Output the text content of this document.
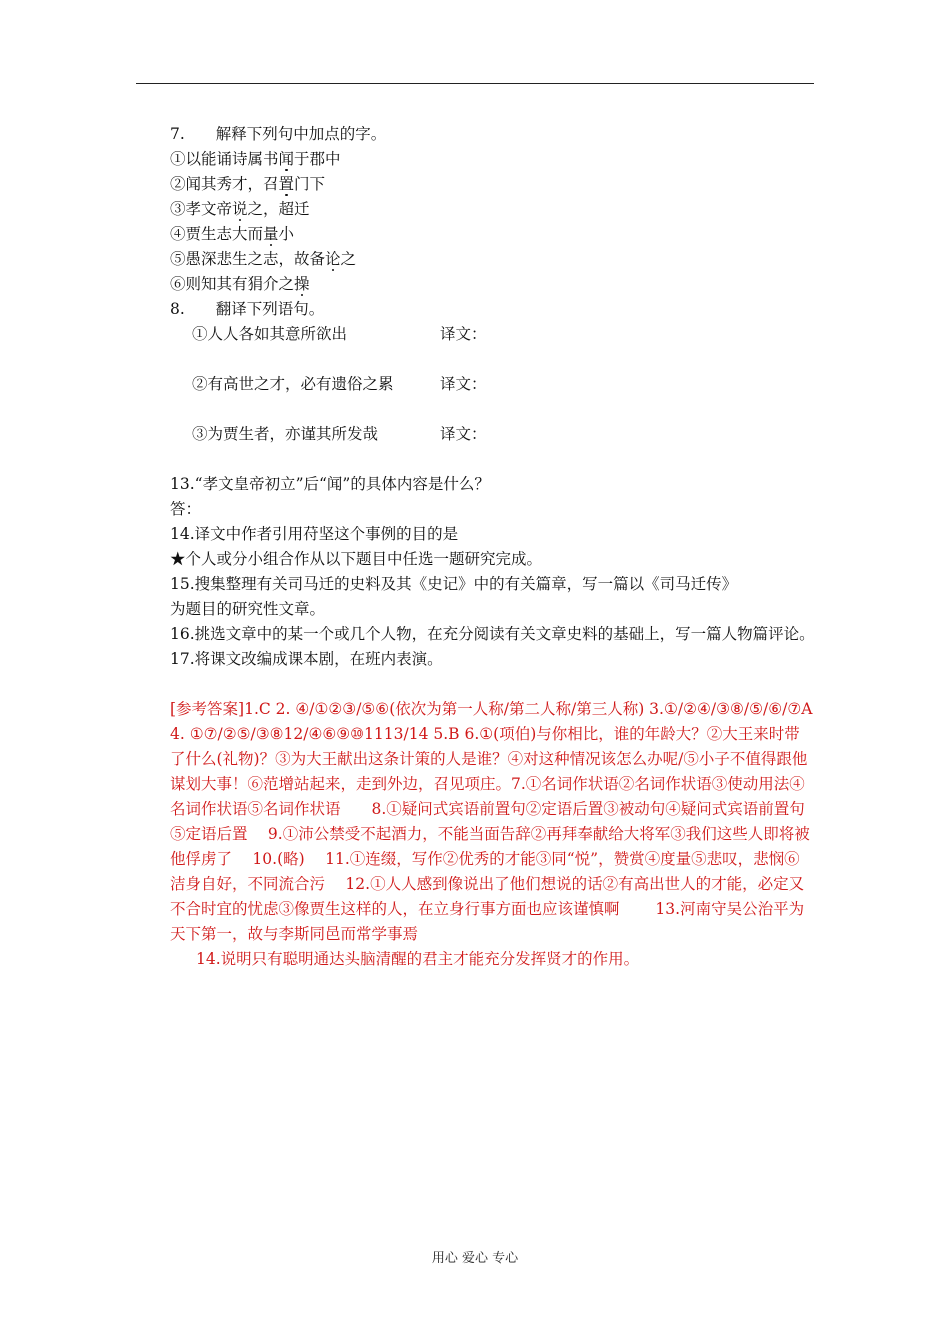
7.　　解释下列句中加点的字。
①以能诵诗属书闻于郡中
②闻其秀才，召置门下
③孝文帝说之，超迁
④贾生志大而量小
⑤愚深悲生之志，故备论之
⑥则知其有狷介之操
8.　　翻译下列语句。
①人人各如其意所欲出	译文：
②有高世之才，必有遗俗之累	译文：
③为贾生者，亦谨其所发哉	译文：
13.“孝文皇帝初立”后“闻”的具体内容是什么？
答：
14.译文中作者引用苻坚这个事例的目的是
★个人或分小组合作从以下题目中任选一题研究完成。
15.搜集整理有关司马迁的史料及其《史记》中的有关篇章，写一篇以《司马迁传》
为题目的研究性文章。
16.挑选文章中的某一个或几个人物，在充分阅读有关文章史料的基础上，写一篇人物篇评论。
17.将课文改编成课本剧，在班内表演。
[参考答案]1.C 2. ④/①②③/⑤⑥(依次为第一人称/第二人称/第三人称) 3.①/②④/③⑧/⑤/⑥/⑦A 4. ①⑦/②⑤/③⑧12/④⑥⑨⑩1113/14 5.B 6.①(项伯)与你相比，谁的年龄大？②大王来时带了什么(礼物)？③为大王献出这条计策的人是谁？④对这种情况该怎么办呢/⑤小子不值得跟他谋划大事！⑥范增站起来，走到外边，召见项庄。7.①名词作状语②名词作状语③使动用法④名词作状语⑤名词作状语　　8.①疑问式宾语前置句②定语后置③被动句④疑问式宾语前置句⑤定语后置　 9.①沛公禁受不起酒力，不能当面告辞②再拜奉献给大将军③我们这些人即将被他俘虏了　 10.(略)　 11.①连缀，写作②优秀的才能③同“悦”，赞赏④度量⑤悲叹，悲悯⑥洁身自好，不同流合污　 12.①人人感到像说出了他们想说的话②有高出世人的才能，必定又不合时宜的忧虑③像贾生这样的人，在立身行事方面也应该谨慎啊　　 13.河南守吴公治平为天下第一，故与李斯同邑而常学事焉
14.说明只有聪明通达头脑清醒的君主才能充分发挥贤才的作用。
用心 爱心 专心
